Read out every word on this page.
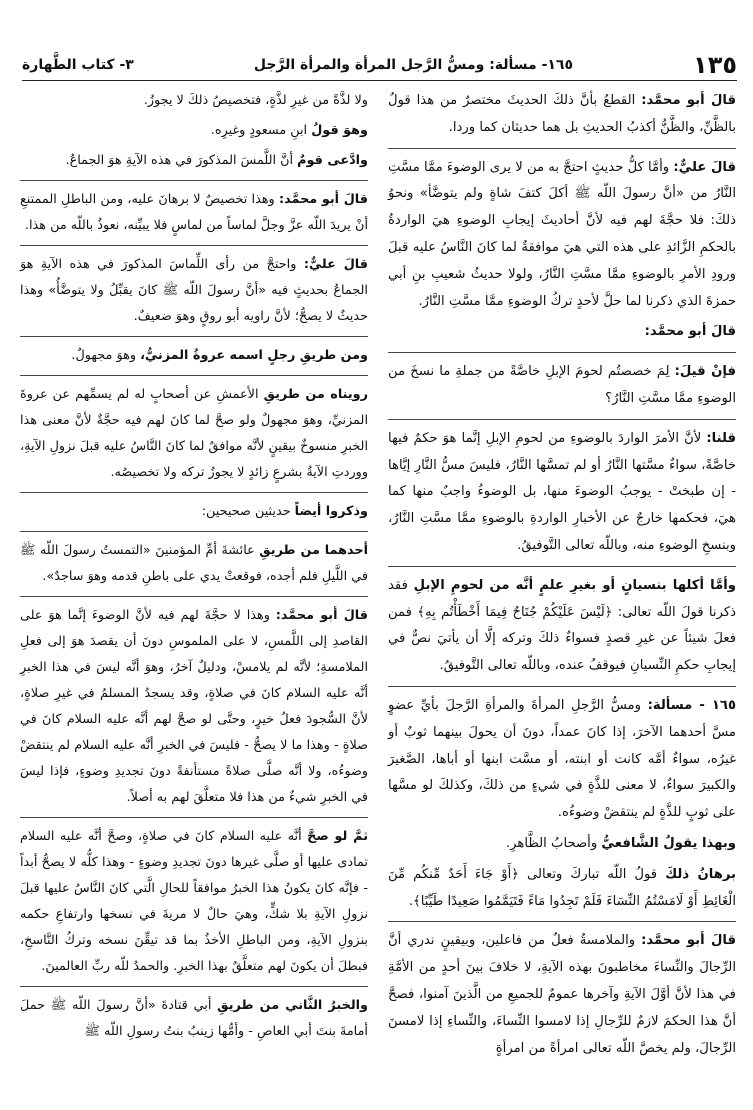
١٣٥
١٦٥- مسألة: ومسُّ الرَّجل المرأة والمرأة الرَّجل
٣- كتاب الطَّهارة

قالَ أبو محمَّد: القطعُ بأنَّ ذلكَ الحديثَ مختصرٌ من هذا قولٌ بالظَّنِّ، والظَّنُّ أكذبُ الحديثِ بل هما حديثان كما وردا.

قالَ عليٌّ: وأمَّا كلُّ حديثٍ احتجَّ به من لا يرى الوضوءَ ممَّا مسَّتِ النَّارُ من «أنَّ رسولَ اللّه ﷺ أكلَ كتفَ شاةٍ ولم يتوضَّأ» ونحوُ ذلكَ: فلا حجَّةَ لهم فيه لأنَّ أحاديثَ إيجابِ الوضوءِ هيَ الواردةُ بالحكمِ الزَّائدِ على هذه التي هيَ موافقةٌ لما كانَ النَّاسُ عليه قبلَ ورودِ الأمرِ بالوضوءِ ممَّا مسَّتِ النَّارُ، ولولا حديثُ شعيبِ بنِ أبي حمزةَ الذي ذكرنا لما حلَّ لأحدٍ تركُ الوضوءِ ممَّا مسَّتِ النَّارُ.

قالَ أبو محمَّد:

فإنْ قيلَ: لِمَ خصصتُم لحومَ الإبلِ خاصَّةً من جملةِ ما نسخَ من الوضوءِ ممَّا مسَّتِ النَّارُ؟

قلنا: لأنَّ الأمرَ الواردَ بالوضوءِ من لحومِ الإبلِ إنَّما هوَ حكمٌ فيها خاصَّةً، سواءٌ مسَّتها النَّارُ أو لم تمسَّها النَّارُ، فليسَ مسُّ النَّارِ إيَّاها - إن طبختْ - يوجبُ الوضوءَ منها، بل الوضوءُ واجبٌ منها كما هيَ، فحكمها خارجٌ عن الأخبارِ الواردةِ بالوضوءِ ممَّا مسَّتِ النَّارُ، وبنسخِ الوضوءِ منه، وباللّه تعالى التَّوفيقُ.

وأمَّا أكلها بنسيانٍ أو بغيرِ علمٍ أنَّه من لحومِ الإبلِ فقد ذكرنا قولَ اللّه تعالى: ﴿لَيْسَ عَلَيْكُمْ جُنَاحٌ فِيمَا أَخْطَأْتُم بِهِ﴾ فمن فعلَ شيئاً عن غيرِ قصدٍ فسواءٌ ذلكَ وتركه إلَّا أن يأتيَ نصٌّ في إيجابِ حكمِ النِّسيانِ فيوقفُ عنده، وباللّه تعالى التَّوفيقُ.

١٦٥ - مسألة: ومسُّ الرَّجلِ المرأةَ والمرأةِ الرَّجلَ بأيِّ عضوٍ مسَّ أحدهما الآخرَ، إذا كانَ عمداً، دونَ أن يحولَ بينهما ثوبٌ أو غيرُه، سواءٌ أمَّه كانت أو ابنته، أو مسَّت ابنها أو أباها، الصَّغيرَ والكبيرَ سواءٌ، لا معنى للذَّةٍ في شيءٍ من ذلكَ، وكذلكَ لو مسَّها على ثوبٍ للذَّةٍ لم ينتقضْ وضوءُه.

وبهذا يقولُ الشَّافعيُّ وأصحابُ الظَّاهرِ.

برهانُ ذلكَ قولُ اللّه تباركَ وتعالى ﴿أَوْ جَاءَ أَحَدٌ مِّنكُم مِّنَ الْغَائِطِ أَوْ لَامَسْتُمُ النِّسَاءَ فَلَمْ تَجِدُوا مَاءً فَتَيَمَّمُوا صَعِيدًا طَيِّبًا﴾.

قالَ أبو محمَّد: والملامسةُ فعلٌ من فاعلين، وبيقينٍ ندري أنَّ الرِّجالَ والنِّساءَ مخاطبونَ بهذه الآيةِ، لا خلافَ بينَ أحدٍ من الأمَّةِ في هذا لأنَّ أوَّلَ الآيةِ وآخرها عمومٌ للجميعِ من الَّذينَ آمنوا، فصحَّ أنَّ هذا الحكمَ لازمٌ للرِّجالِ إذا لامسوا النِّساءَ، والنِّساءِ إذا لامسنَ الرِّجالَ، ولم يخصَّ اللّه تعالى امرأةً من امرأةٍ

ولا لذَّةً من غيرِ لذَّةٍ، فتخصيصُ ذلكَ لا يجوزُ.

وهوَ قولُ ابنِ مسعودٍ وغيرِه.

وادَّعى قومٌ أنَّ اللَّمسَ المذكورَ في هذه الآيةِ هوَ الجماعُ.

قالَ أبو محمَّد: وهذا تخصيصٌ لا برهانَ عليه، ومن الباطلِ الممتنعِ أنْ يريدَ اللّه عزَّ وجلَّ لماساً من لماسٍ فلا يبيِّنه، نعوذُ باللّه من هذا.

قالَ عليٌّ: واحتجَّ من رأى اللِّماسَ المذكورَ في هذه الآيةِ هوَ الجماعُ بحديثٍ فيه «أنَّ رسولَ اللّه ﷺ كانَ يقبِّلُ ولا يتوضَّأُ» وهذا حديثٌ لا يصحُّ؛ لأنَّ راويه أبو روقٍ وهوَ ضعيفٌ.

ومن طريقِ رجلٍ اسمه عروةُ المزنيُّ، وهوَ مجهولٌ.

رويناه من طريقِ الأعمشِ عن أصحابٍ له لم يسمِّهم عن عروةَ المزنيِّ، وهوَ مجهولٌ ولو صحَّ لما كانَ لهم فيه حجَّةٌ لأنَّ معنى هذا الخبرِ منسوخٌ بيقينٍ لأنَّه موافقٌ لما كانَ النَّاسُ عليه قبلَ نزولِ الآيةِ، ووردتِ الآيةُ بشرعٍ زائدٍ لا يجوزُ تركه ولا تخصيصُه.

وذكروا أيضاً حديثين صحيحين:

أحدهما من طريقِ عائشةَ أمِّ المؤمنينَ «التمستُ رسولَ اللّه ﷺ في اللَّيلِ فلم أجده، فوقعتْ يدي على باطنِ قدمه وهوَ ساجدٌ».

قالَ أبو محمَّد: وهذا لا حجَّةَ لهم فيه لأنَّ الوضوءَ إنَّما هوَ على القاصدِ إلى اللَّمسِ، لا على الملموسِ دونَ أن يقصدَ هوَ إلى فعلِ الملامسةِ؛ لأنَّه لم يلامسْ، ودليلٌ آخرُ، وهوَ أنَّه ليسَ في هذا الخبرِ أنَّه عليه السلام كانَ في صلاةٍ، وقد يسجدُ المسلمُ في غيرِ صلاةٍ، لأنَّ السُّجودَ فعلُ خيرٍ، وحتَّى لو صحَّ لهم أنَّه عليه السلام كانَ في صلاةٍ - وهذا ما لا يصحُّ - فليسَ في الخبرِ أنَّه عليه السلام لم ينتقضْ وضوءُه، ولا أنَّه صلَّى صلاةً مستأنفةً دونَ تجديدِ وضوءٍ، فإذا ليسَ في الخبرِ شيءٌ من هذا فلا متعلَّقَ لهم به أصلاً.

ثمَّ لو صحَّ أنَّه عليه السلام كانَ في صلاةٍ، وصحَّ أنَّه عليه السلام تمادى عليها أو صلَّى غيرها دونَ تجديدِ وضوءٍ - وهذا كلُّه لا يصحُّ أبداً - فإنَّه كانَ يكونُ هذا الخبرُ موافقاً للحالِ الَّتي كانَ النَّاسُ عليها قبلَ نزولِ الآيةِ بلا شكٍّ، وهيَ حالٌ لا مريةَ في نسخها وارتفاعِ حكمه بنزولِ الآيةِ، ومن الباطلِ الأخذُ بما قد تيقِّنَ نسخه وتركُ النَّاسخِ، فبطلَ أن يكونَ لهم متعلَّقٌ بهذا الخبرِ. والحمدُ للّه ربِّ العالمينَ.

والخبرُ الثَّاني من طريقِ أبي قتادةَ «أنَّ رسولَ اللّه ﷺ حملَ أمامةَ بنتَ أبي العاصِ - وأمُّها زينبُ بنتُ رسولِ اللّه ﷺ
